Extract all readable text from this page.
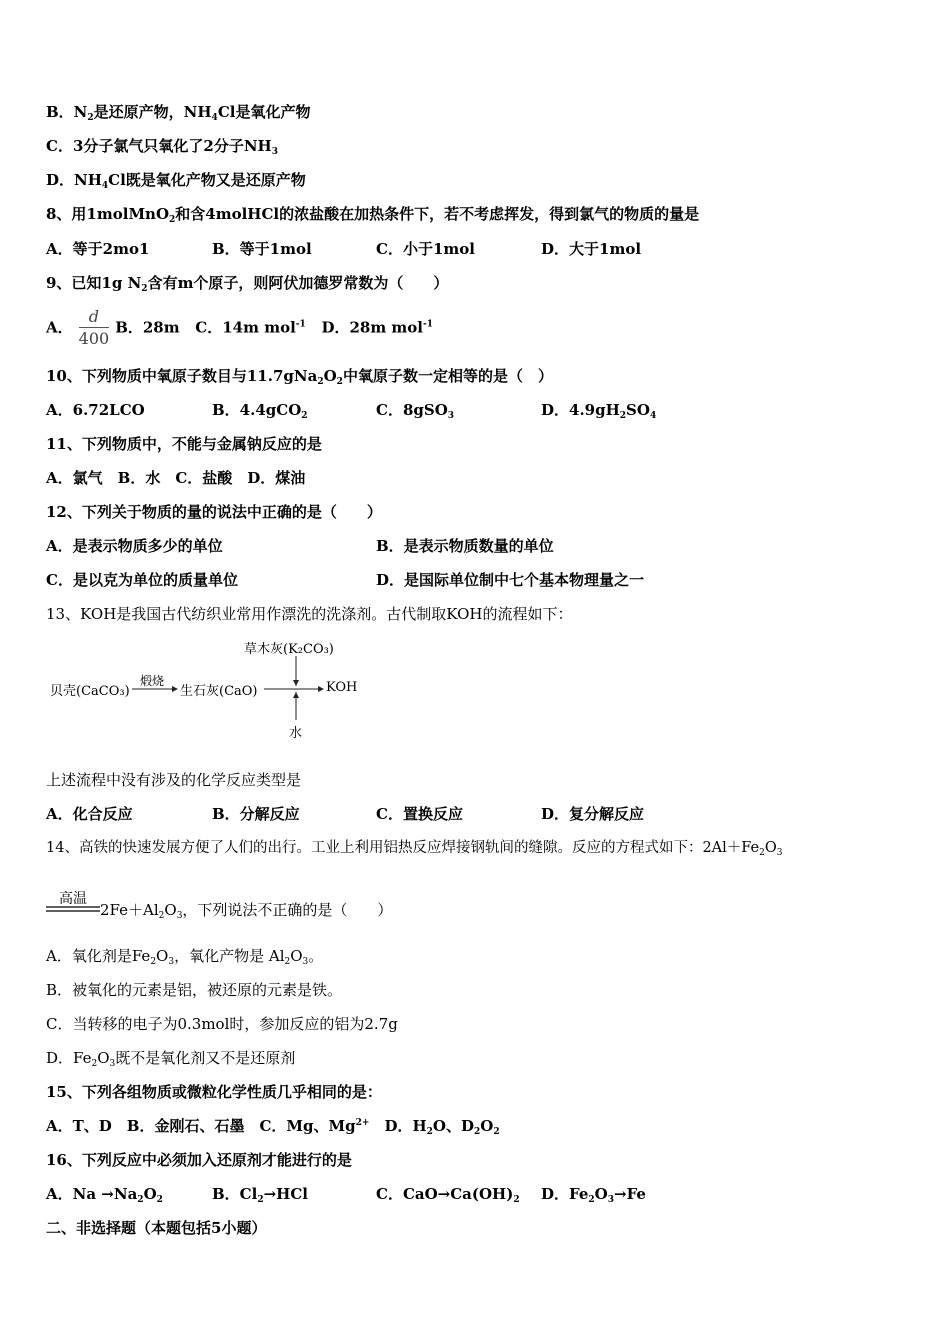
B．$N_2$是还原产物，$NH_4Cl$是氧化产物
C．3分子氯气只氧化了2分子$NH_3$
D．$NH_4Cl$既是氧化产物又是还原产物
8、用1molMnO$_2$和含4molHCl的浓盐酸在加热条件下，若不考虑挥发，得到氯气的物质的量是
A．等于2mo1	B．等于1mol	C．小于1mol	D．大于1mol
9、已知1g $N_2$含有m个原子，则阿伏加德罗常数为（　　）
A． $\frac{d}{400}$ B．28m C．14m mol$^{-1}$ D．28m mol$^{-1}$
10、下列物质中氧原子数目与$11.7gNa_2O_2$中氧原子数一定相等的是（　）
A．6.72LCO	B．4.4gCO$_2$	C．8gSO$_3$	D．$4.9gH_2SO_4$
11、下列物质中，不能与金属钠反应的是
A．氯气　B．水　C．盐酸　D．煤油
12、下列关于物质的量的说法中正确的是（　　）
A．是表示物质多少的单位	B．是表示物质数量的单位
C．是以克为单位的质量单位	D．是国际单位制中七个基本物理量之一
13、KOH是我国古代纺织业常用作漂洗的洗涤剂。古代制取KOH的流程如下：
草木灰(K₂CO₃)
贝壳(CaCO₃)
煅烧
生石灰(CaO)	KOH
水
上述流程中没有涉及的化学反应类型是
A．化合反应	B．分解反应	C．置换反应	D．复分解反应
14、高铁的快速发展方便了人们的出行。工业上利用铝热反应焊接钢轨间的缝隙。反应的方程式如下：$2Al+Fe_2O_3$
高温
$2Fe+Al_2O_3$，下列说法不正确的是（　　）
A．氧化剂是$Fe_2O_3$，氧化产物是 $Al_2O_3$。
B．被氧化的元素是铝，被还原的元素是铁。
C．当转移的电子为0.3mol时，参加反应的铝为2.7g
D．$Fe_2O_3$既不是氧化剂又不是还原剂
15、下列各组物质或微粒化学性质几乎相同的是：
A．T、D　B．金刚石、石墨　C．Mg、$Mg^{2+}$　D．$H_2O$、$D_2O_2$
16、下列反应中必须加入还原剂才能进行的是
A．$Na \to Na_2O_2$	B．$Cl_2\to HCl$	C．$CaO\to Ca(OH)_2$ D．$Fe_2O_3\to Fe$
二、非选择题（本题包括5小题）
